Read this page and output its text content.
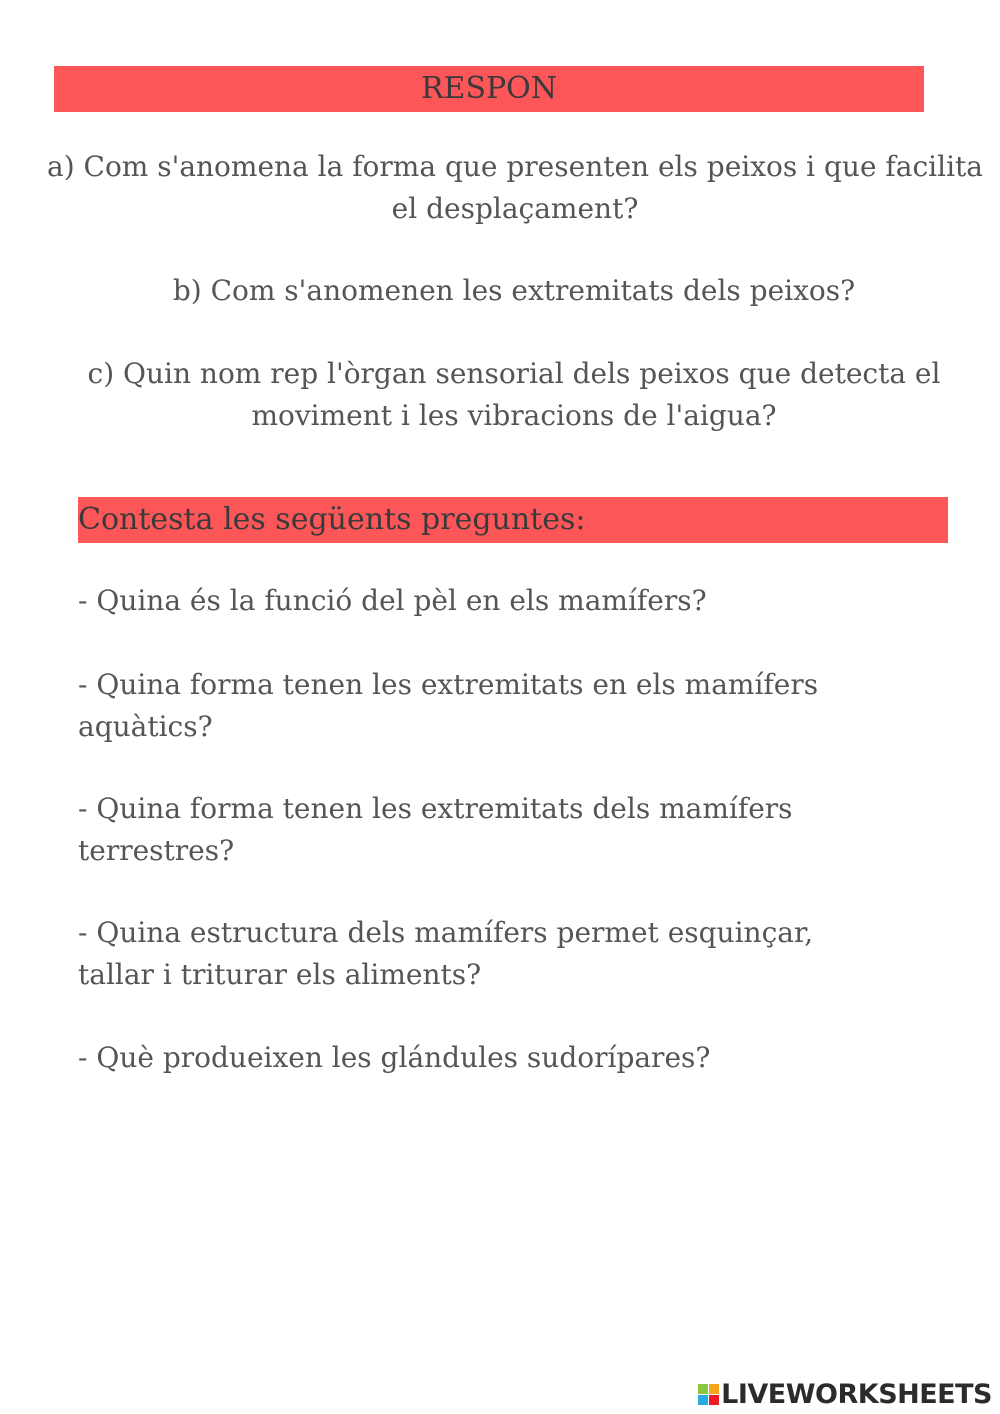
RESPON
a) Com s'anomena la forma que presenten els peixos i que facilita
el desplaçament?
b) Com s'anomenen les extremitats dels peixos?
c) Quin nom rep l'òrgan sensorial dels peixos que detecta el
moviment i les vibracions de l'aigua?
Contesta les següents preguntes:
- Quina és la funció del pèl en els mamífers?
- Quina forma tenen les extremitats en els mamífers
aquàtics?
- Quina forma tenen les extremitats dels mamífers
terrestres?
- Quina estructura dels mamífers permet esquinçar,
tallar i triturar els aliments?
- Què produeixen les glándules sudorípares?
LIVEWORKSHEETS
